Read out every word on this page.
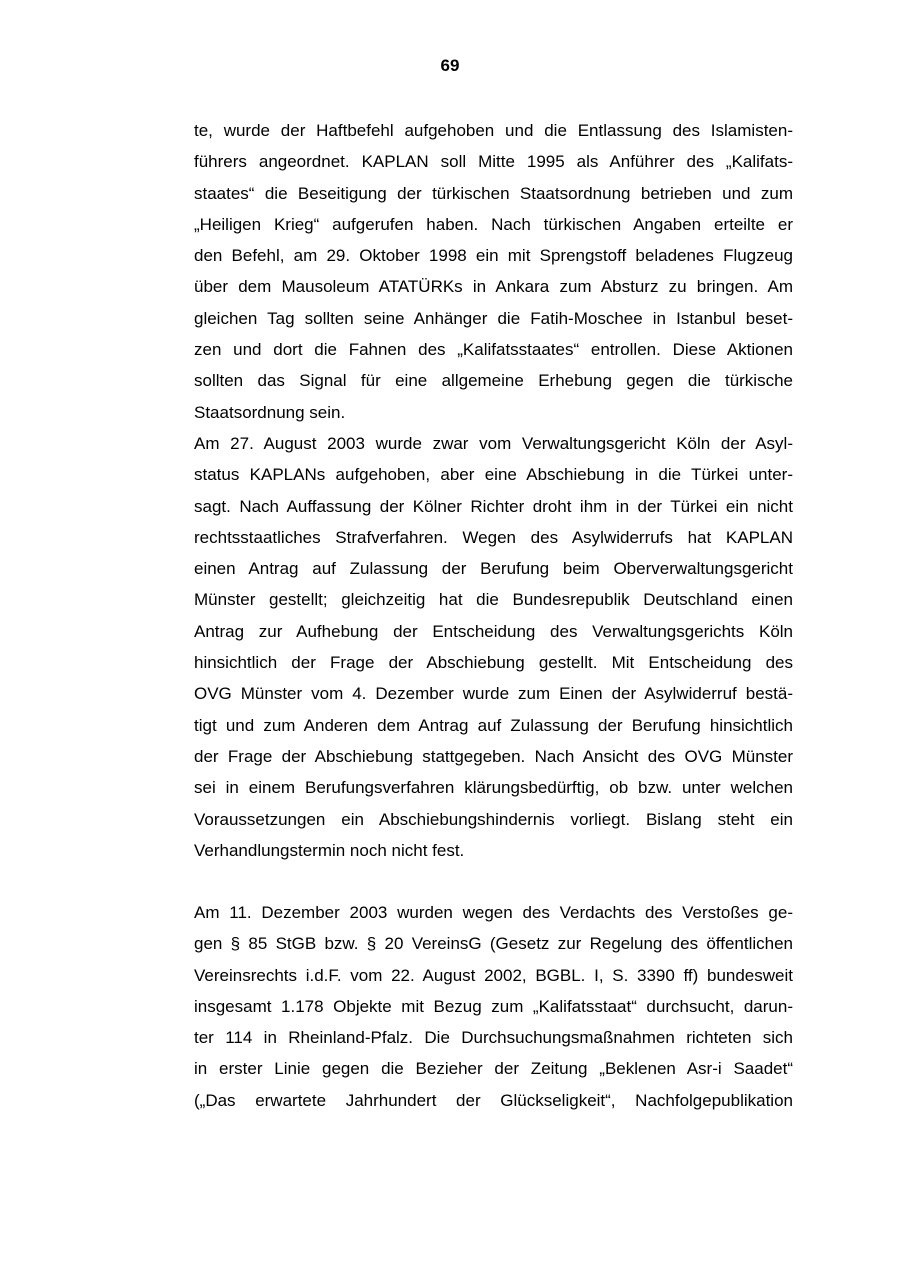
69
te, wurde der Haftbefehl aufgehoben und die Entlassung des Islamisten-
führers angeordnet. KAPLAN soll Mitte 1995 als Anführer des „Kalifats-
staates“ die Beseitigung der türkischen Staatsordnung betrieben und zum
„Heiligen Krieg“ aufgerufen haben. Nach türkischen Angaben erteilte er
den Befehl, am 29. Oktober 1998 ein mit Sprengstoff beladenes Flugzeug
über dem Mausoleum ATATÜRKs in Ankara zum Absturz zu bringen. Am
gleichen Tag sollten seine Anhänger die Fatih-Moschee in Istanbul beset-
zen und dort die Fahnen des „Kalifatsstaates“ entrollen. Diese Aktionen
sollten das Signal für eine allgemeine Erhebung gegen die türkische
Staatsordnung sein.
Am 27. August 2003 wurde zwar vom Verwaltungsgericht Köln der Asyl-
status KAPLANs aufgehoben, aber eine Abschiebung in die Türkei unter-
sagt. Nach Auffassung der Kölner Richter droht ihm in der Türkei ein nicht
rechtsstaatliches Strafverfahren. Wegen des Asylwiderrufs hat KAPLAN
einen Antrag auf Zulassung der Berufung beim Oberverwaltungsgericht
Münster gestellt; gleichzeitig hat die Bundesrepublik Deutschland einen
Antrag zur Aufhebung der Entscheidung des Verwaltungsgerichts Köln
hinsichtlich der Frage der Abschiebung gestellt. Mit Entscheidung des
OVG Münster vom 4. Dezember wurde zum Einen der Asylwiderruf bestä-
tigt und zum Anderen dem Antrag auf Zulassung der Berufung hinsichtlich
der Frage der Abschiebung stattgegeben. Nach Ansicht des OVG Münster
sei in einem Berufungsverfahren klärungsbedürftig, ob bzw. unter welchen
Voraussetzungen ein Abschiebungshindernis vorliegt. Bislang steht ein
Verhandlungstermin noch nicht fest.
Am 11. Dezember 2003 wurden wegen des Verdachts des Verstoßes ge-
gen § 85 StGB bzw. § 20 VereinsG (Gesetz zur Regelung des öffentlichen
Vereinsrechts i.d.F. vom 22. August 2002, BGBL. I, S. 3390 ff) bundesweit
insgesamt 1.178 Objekte mit Bezug zum „Kalifatsstaat“ durchsucht, darun-
ter 114 in Rheinland-Pfalz. Die Durchsuchungsmaßnahmen richteten sich
in erster Linie gegen die Bezieher der Zeitung „Beklenen Asr-i Saadet“
(„Das erwartete Jahrhundert der Glückseligkeit“, Nachfolgepublikation
